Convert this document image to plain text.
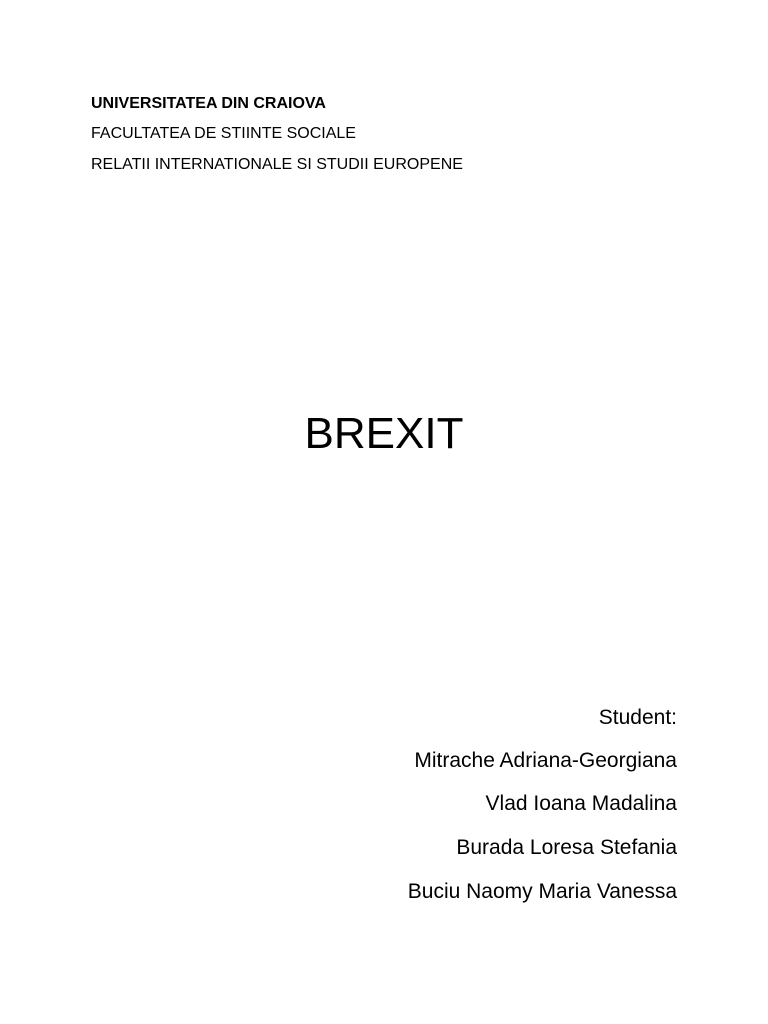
UNIVERSITATEA DIN CRAIOVA
FACULTATEA DE STIINTE SOCIALE
RELATII INTERNATIONALE SI STUDII EUROPENE
BREXIT
Student:
Mitrache Adriana-Georgiana
Vlad Ioana Madalina
Burada Loresa Stefania
Buciu Naomy Maria Vanessa
